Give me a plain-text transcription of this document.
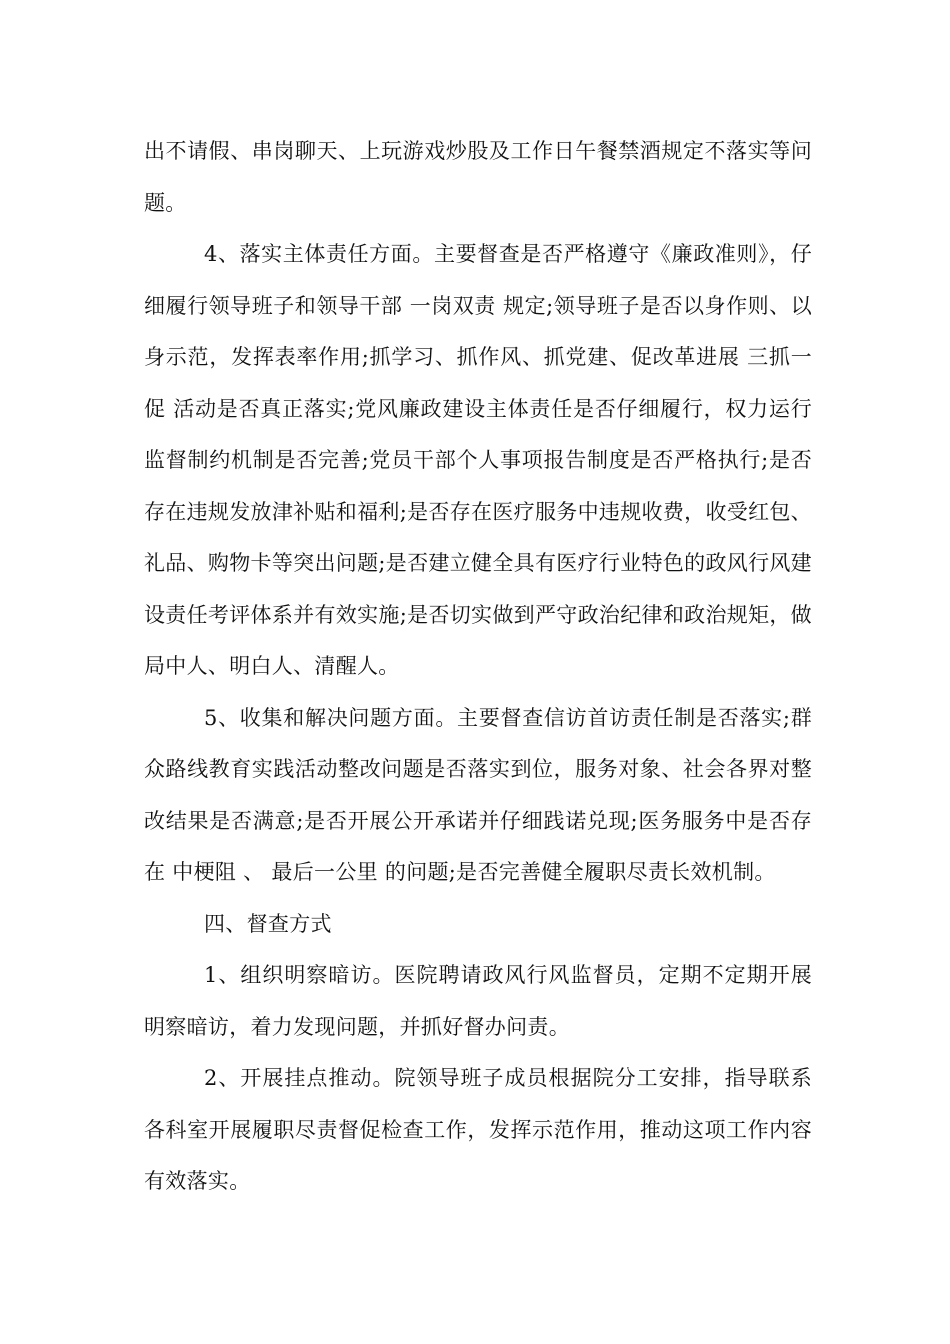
出不请假、串岗聊天、上玩游戏炒股及工作日午餐禁酒规定不落实等问题。

4、落实主体责任方面。主要督查是否严格遵守《廉政准则》，仔细履行领导班子和领导干部 一岗双责 规定;领导班子是否以身作则、以身示范，发挥表率作用;抓学习、抓作风、抓党建、促改革进展 三抓一促 活动是否真正落实;党风廉政建设主体责任是否仔细履行，权力运行监督制约机制是否完善;党员干部个人事项报告制度是否严格执行;是否存在违规发放津补贴和福利;是否存在医疗服务中违规收费，收受红包、礼品、购物卡等突出问题;是否建立健全具有医疗行业特色的政风行风建设责任考评体系并有效实施;是否切实做到严守政治纪律和政治规矩，做局中人、明白人、清醒人。

5、收集和解决问题方面。主要督查信访首访责任制是否落实;群众路线教育实践活动整改问题是否落实到位，服务对象、社会各界对整改结果是否满意;是否开展公开承诺并仔细践诺兑现;医务服务中是否存在 中梗阻 、 最后一公里 的问题;是否完善健全履职尽责长效机制。

四、督查方式

1、组织明察暗访。医院聘请政风行风监督员，定期不定期开展明察暗访，着力发现问题，并抓好督办问责。

2、开展挂点推动。院领导班子成员根据院分工安排，指导联系各科室开展履职尽责督促检查工作，发挥示范作用，推动这项工作内容有效落实。
